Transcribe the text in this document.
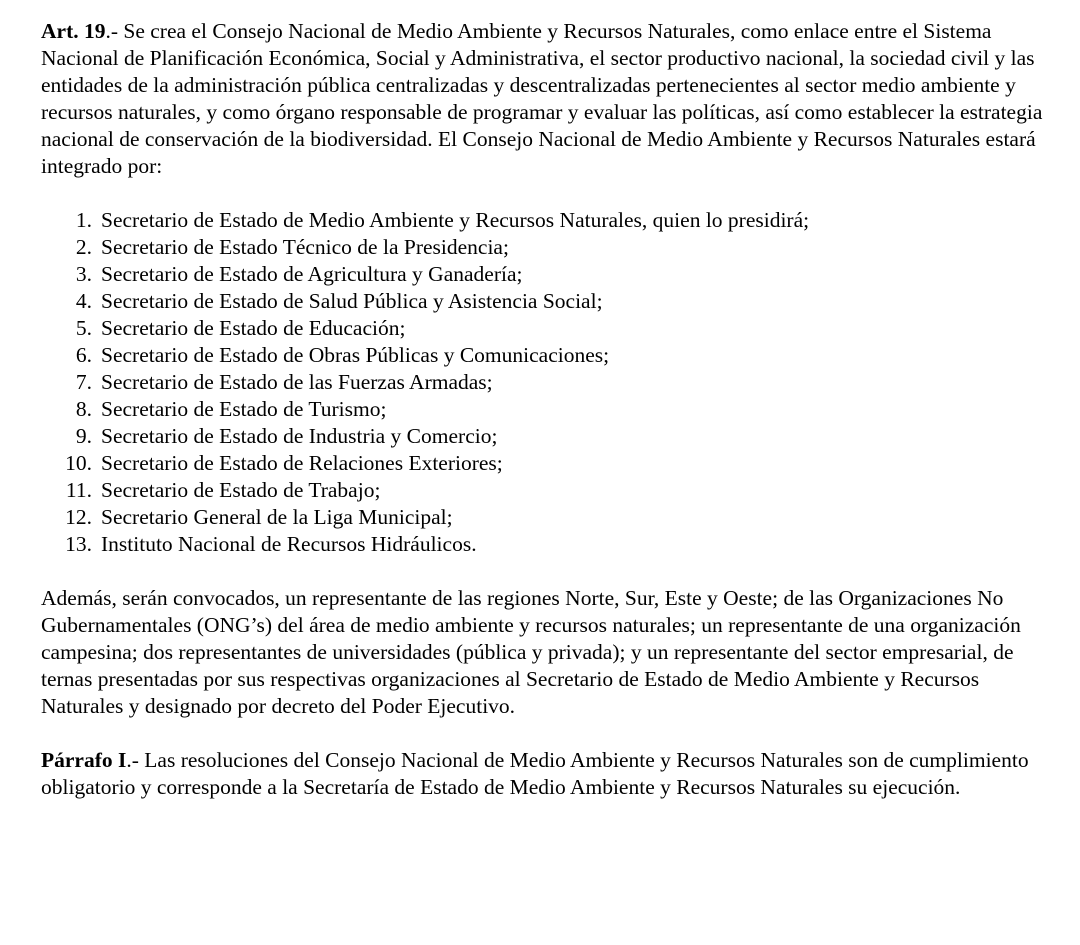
Art. 19.- Se crea el Consejo Nacional de Medio Ambiente y Recursos Naturales, como enlace entre el Sistema Nacional de Planificación Económica, Social y Administrativa, el sector productivo nacional, la sociedad civil y las entidades de la administración pública centralizadas y descentralizadas pertenecientes al sector medio ambiente y recursos naturales, y como órgano responsable de programar y evaluar las políticas, así como establecer la estrategia nacional de conservación de la biodiversidad. El Consejo Nacional de Medio Ambiente y Recursos Naturales estará integrado por:

1. Secretario de Estado de Medio Ambiente y Recursos Naturales, quien lo presidirá;
2. Secretario de Estado Técnico de la Presidencia;
3. Secretario de Estado de Agricultura y Ganadería;
4. Secretario de Estado de Salud Pública y Asistencia Social;
5. Secretario de Estado de Educación;
6. Secretario de Estado de Obras Públicas y Comunicaciones;
7. Secretario de Estado de las Fuerzas Armadas;
8. Secretario de Estado de Turismo;
9. Secretario de Estado de Industria y Comercio;
10. Secretario de Estado de Relaciones Exteriores;
11. Secretario de Estado de Trabajo;
12. Secretario General de la Liga Municipal;
13. Instituto Nacional de Recursos Hidráulicos.

Además, serán convocados, un representante de las regiones Norte, Sur, Este y Oeste; de las Organizaciones No Gubernamentales (ONG’s) del área de medio ambiente y recursos naturales; un representante de una organización campesina; dos representantes de universidades (pública y privada); y un representante del sector empresarial, de ternas presentadas por sus respectivas organizaciones al Secretario de Estado de Medio Ambiente y Recursos Naturales y designado por decreto del Poder Ejecutivo.

Párrafo I.- Las resoluciones del Consejo Nacional de Medio Ambiente y Recursos Naturales son de cumplimiento obligatorio y corresponde a la Secretaría de Estado de Medio Ambiente y Recursos Naturales su ejecución.
